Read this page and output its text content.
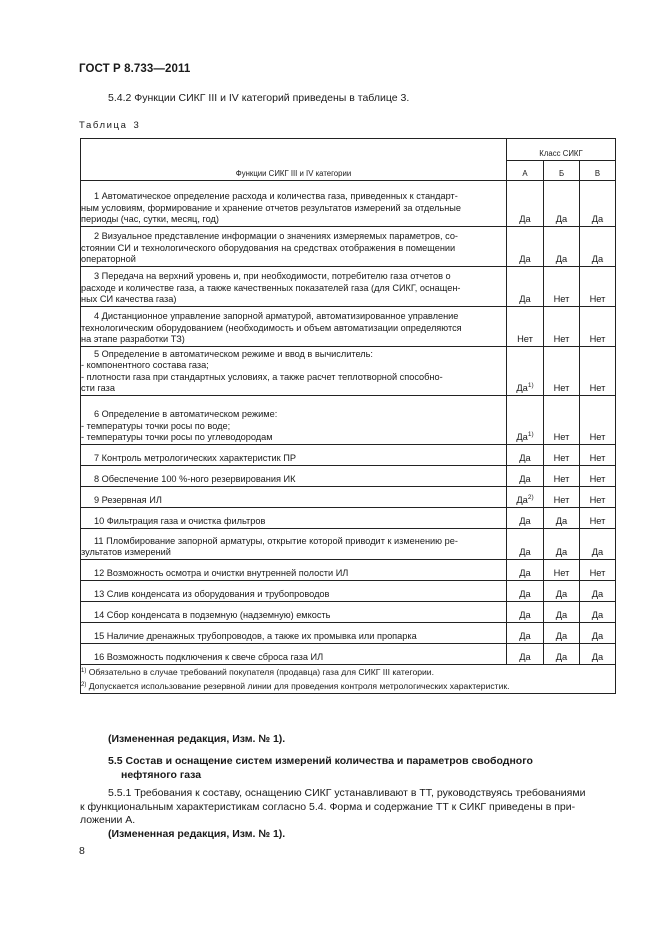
ГОСТ Р 8.733—2011
5.4.2 Функции СИКГ III и IV категорий приведены в таблице 3.
Таблица 3
Функции СИКГ III и IV категории	Класс СИКГ		
	А	Б	В

1 Автоматическое определение расхода и количества газа, приведенных к стандарт-
ным условиям, формирование и хранение отчетов результатов измерений за отдельные
периоды (час, сутки, месяц, год)	Да	Да	Да

2 Визуальное представление информации о значениях измеряемых параметров, со-
стоянии СИ и технологического оборудования на средствах отображения в помещении
операторной	Да	Да	Да

3 Передача на верхний уровень и, при необходимости, потребителю газа отчетов о
расходе и количестве газа, а также качественных показателей газа (для СИКГ, оснащен-
ных СИ качества газа)	Да	Нет	Нет

4 Дистанционное управление запорной арматурой, автоматизированное управление
технологическим оборудованием (необходимость и объем автоматизации определяются
на этапе разработки ТЗ)	Нет	Нет	Нет

5 Определение в автоматическом режиме и ввод в вычислитель:
- компонентного состава газа;
- плотности газа при стандартных условиях, а также расчет теплотворной способно-
сти газа	$Да^{1)}$	Нет	Нет

6 Определение в автоматическом режиме:
- температуры точки росы по воде;
- температуры точки росы по углеводородам	$Да^{1)}$	Нет	Нет

7 Контроль метрологических характеристик ПР	Да	Нет	Нет

8 Обеспечение 100 %-ного резервирования ИК	Да	Нет	Нет

9 Резервная ИЛ	$Да^{2)}$	Нет	Нет

10 Фильтрация газа и очистка фильтров	Да	Да	Нет

11 Пломбирование запорной арматуры, открытие которой приводит к изменению ре-
зультатов измерений	Да	Да	Да

12 Возможность осмотра и очистки внутренней полости ИЛ	Да	Нет	Нет

13 Слив конденсата из оборудования и трубопроводов	Да	Да	Да

14 Сбор конденсата в подземную (надземную) емкость	Да	Да	Да

15 Наличие дренажных трубопроводов, а также их промывка или пропарка	Да	Да	Да

16 Возможность подключения к свече сброса газа ИЛ	Да	Да	Да

$^{1)}$ Обязательно в случае требований покупателя (продавца) газа для СИКГ III категории.
$^{2)}$ Допускается использование резервной линии для проведения контроля метрологических характеристик.			
(Измененная редакция, Изм. № 1).
5.5 Состав и оснащение систем измерений количества и параметров свободного
нефтяного газа
5.5.1 Требования к составу, оснащению СИКГ устанавливают в ТТ, руководствуясь требованиями
к функциональным характеристикам согласно 5.4. Форма и содержание ТТ к СИКГ приведены в при-
ложении А.
(Измененная редакция, Изм. № 1).
8
